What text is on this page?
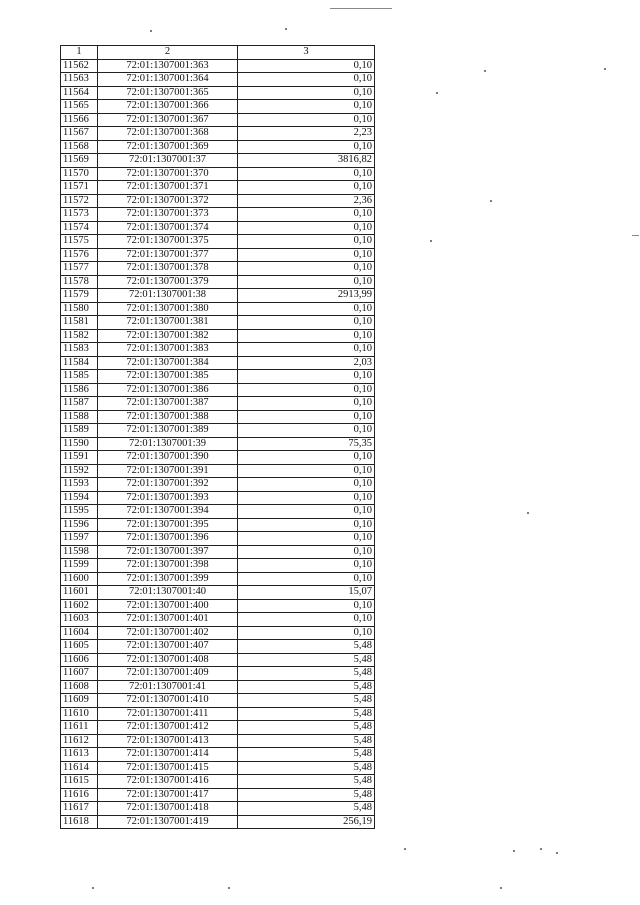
1	2	3
11562	72:01:1307001:363	0,10
11563	72:01:1307001:364	0,10
11564	72:01:1307001:365	0,10
11565	72:01:1307001:366	0,10
11566	72:01:1307001:367	0,10
11567	72:01:1307001:368	2,23
11568	72:01:1307001:369	0,10
11569	72:01:1307001:37	3816,82
11570	72:01:1307001:370	0,10
11571	72:01:1307001:371	0,10
11572	72:01:1307001:372	2,36
11573	72:01:1307001:373	0,10
11574	72:01:1307001:374	0,10
11575	72:01:1307001:375	0,10
11576	72:01:1307001:377	0,10
11577	72:01:1307001:378	0,10
11578	72:01:1307001:379	0,10
11579	72:01:1307001:38	2913,99
11580	72:01:1307001:380	0,10
11581	72:01:1307001:381	0,10
11582	72:01:1307001:382	0,10
11583	72:01:1307001:383	0,10
11584	72:01:1307001:384	2,03
11585	72:01:1307001:385	0,10
11586	72:01:1307001:386	0,10
11587	72:01:1307001:387	0,10
11588	72:01:1307001:388	0,10
11589	72:01:1307001:389	0,10
11590	72:01:1307001:39	75,35
11591	72:01:1307001:390	0,10
11592	72:01:1307001:391	0,10
11593	72:01:1307001:392	0,10
11594	72:01:1307001:393	0,10
11595	72:01:1307001:394	0,10
11596	72:01:1307001:395	0,10
11597	72:01:1307001:396	0,10
11598	72:01:1307001:397	0,10
11599	72:01:1307001:398	0,10
11600	72:01:1307001:399	0,10
11601	72:01:1307001:40	15,07
11602	72:01:1307001:400	0,10
11603	72:01:1307001:401	0,10
11604	72:01:1307001:402	0,10
11605	72:01:1307001:407	5,48
11606	72:01:1307001:408	5,48
11607	72:01:1307001:409	5,48
11608	72:01:1307001:41	5,48
11609	72:01:1307001:410	5,48
11610	72:01:1307001:411	5,48
11611	72:01:1307001:412	5,48
11612	72:01:1307001:413	5,48
11613	72:01:1307001:414	5,48
11614	72:01:1307001:415	5,48
11615	72:01:1307001:416	5,48
11616	72:01:1307001:417	5,48
11617	72:01:1307001:418	5,48
11618	72:01:1307001:419	256,19
